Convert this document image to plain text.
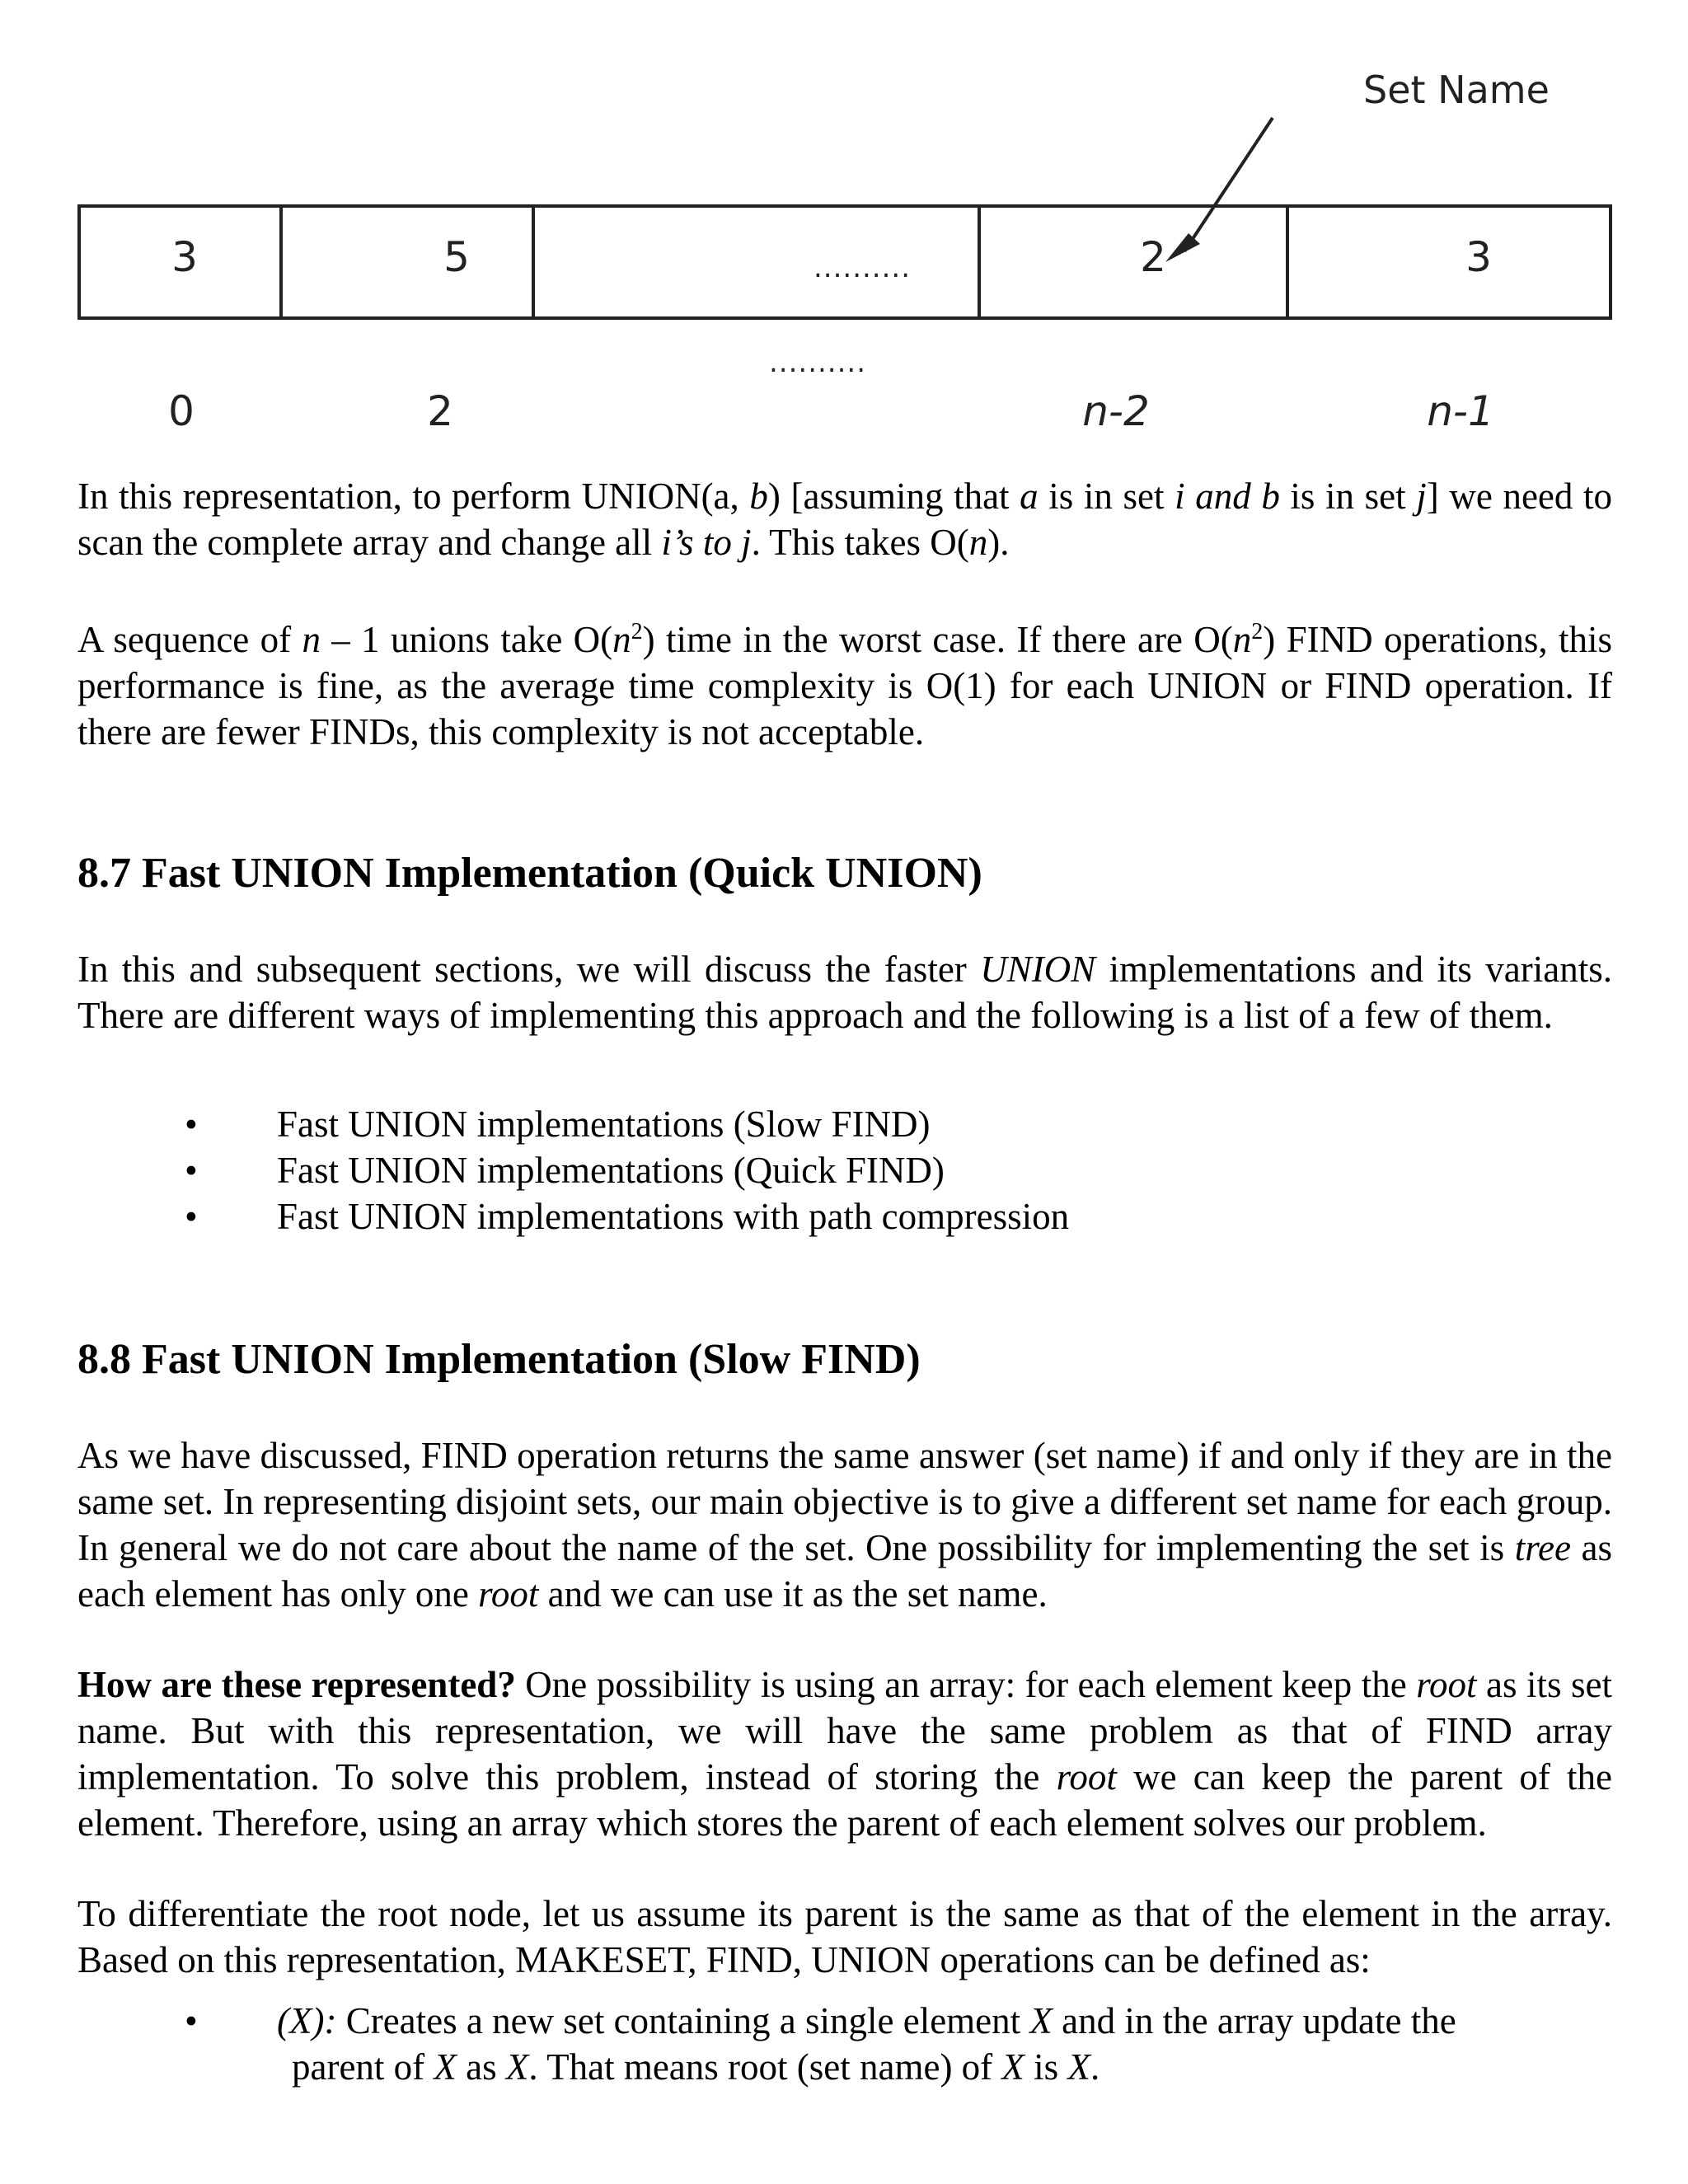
Set Name
3	5	..........	2	3
..........
0	2	n-2	n-1
In this representation, to perform UNION(a, b) [assuming that a is in set i and b is in set j] we need to scan the complete array and change all i’s to j. This takes O(n).
A sequence of n – 1 unions take $O(n^2)$ time in the worst case. If there are $O(n^2)$ FIND operations, this performance is fine, as the average time complexity is O(1) for each UNION or FIND operation. If there are fewer FINDs, this complexity is not acceptable.
8.7 Fast UNION Implementation (Quick UNION)
In this and subsequent sections, we will discuss the faster UNION implementations and its variants. There are different ways of implementing this approach and the following is a list of a few of them.
• Fast UNION implementations (Slow FIND)
• Fast UNION implementations (Quick FIND)
• Fast UNION implementations with path compression
8.8 Fast UNION Implementation (Slow FIND)
As we have discussed, FIND operation returns the same answer (set name) if and only if they are in the same set. In representing disjoint sets, our main objective is to give a different set name for each group. In general we do not care about the name of the set. One possibility for implementing the set is tree as each element has only one root and we can use it as the set name.
How are these represented? One possibility is using an array: for each element keep the root as its set name. But with this representation, we will have the same problem as that of FIND array implementation. To solve this problem, instead of storing the root we can keep the parent of the element. Therefore, using an array which stores the parent of each element solves our problem.
To differentiate the root node, let us assume its parent is the same as that of the element in the array. Based on this representation, MAKESET, FIND, UNION operations can be defined as:
• (X): Creates a new set containing a single element X and in the array update the
parent of X as X. That means root (set name) of X is X.
